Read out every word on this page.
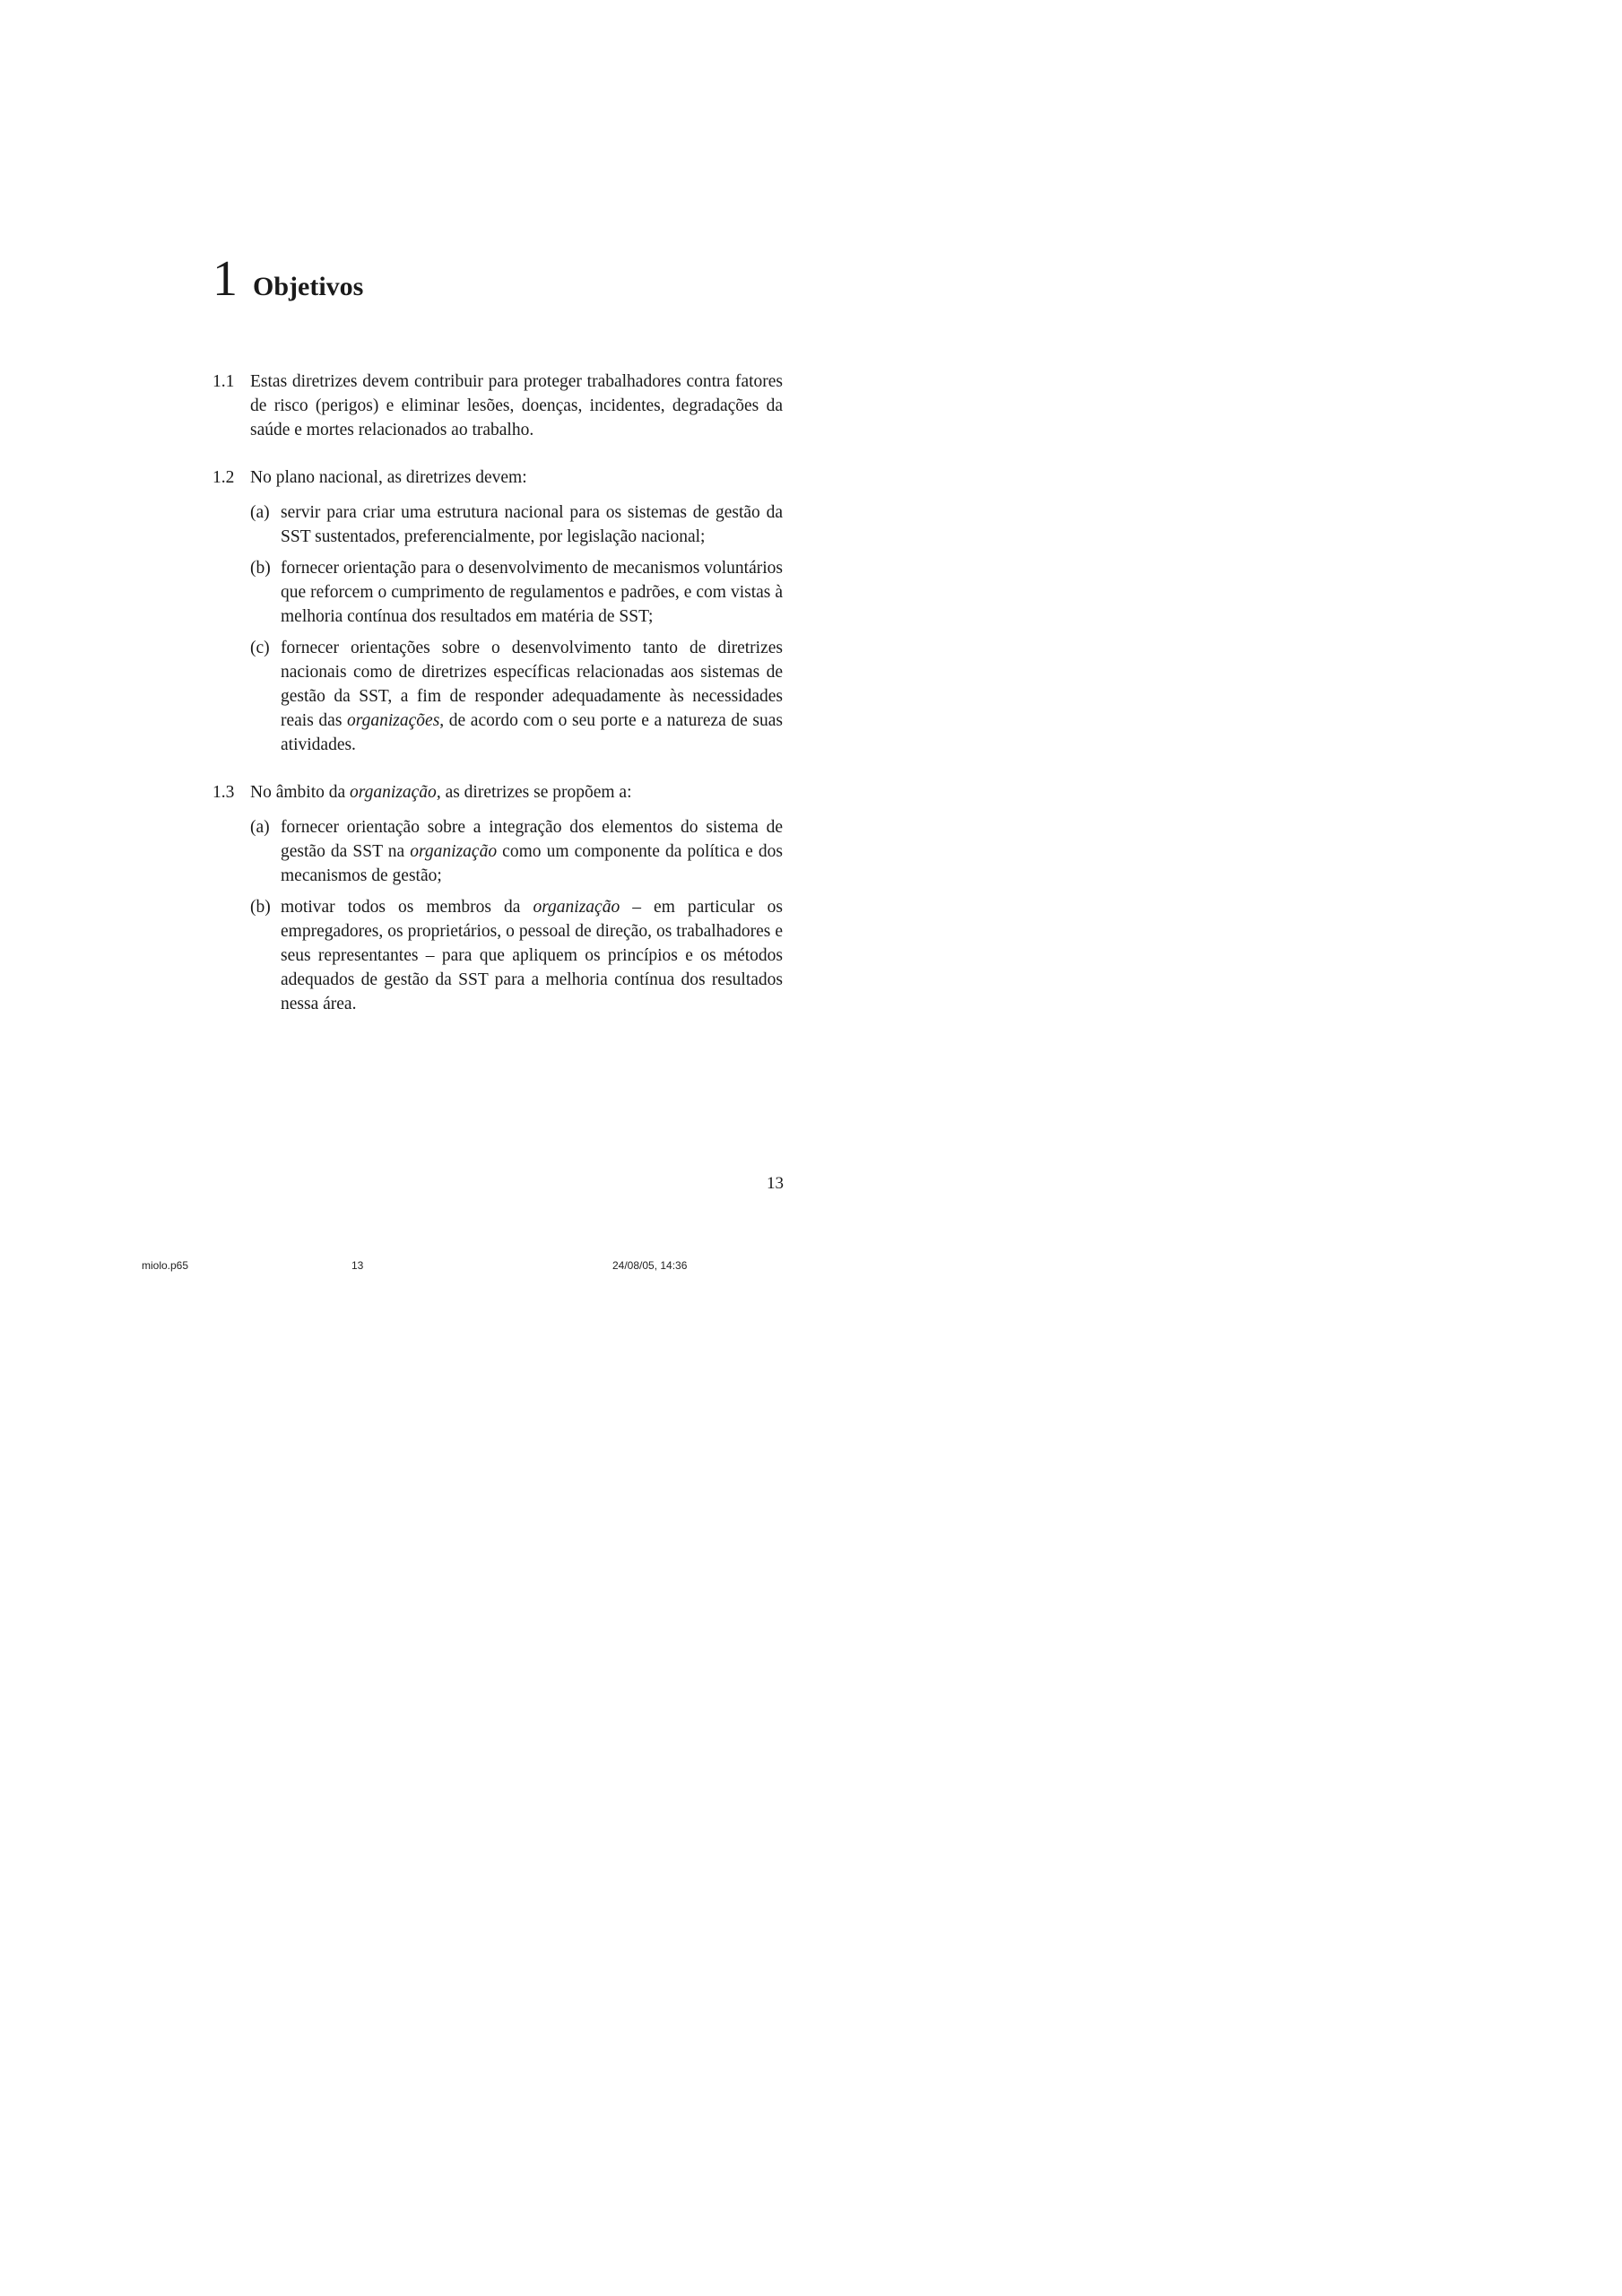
1 Objetivos
1.1 Estas diretrizes devem contribuir para proteger trabalhadores contra fatores de risco (perigos) e eliminar lesões, doenças, incidentes, degradações da saúde e mortes relacionados ao trabalho.
1.2 No plano nacional, as diretrizes devem:
(a) servir para criar uma estrutura nacional para os sistemas de gestão da SST sustentados, preferencialmente, por legislação nacional;
(b) fornecer orientação para o desenvolvimento de mecanismos voluntários que reforcem o cumprimento de regulamentos e padrões, e com vistas à melhoria contínua dos resultados em matéria de SST;
(c) fornecer orientações sobre o desenvolvimento tanto de diretrizes nacionais como de diretrizes específicas relacionadas aos sistemas de gestão da SST, a fim de responder adequadamente às necessidades reais das organizações, de acordo com o seu porte e a natureza de suas atividades.
1.3 No âmbito da organização, as diretrizes se propõem a:
(a) fornecer orientação sobre a integração dos elementos do sistema de gestão da SST na organização como um componente da política e dos mecanismos de gestão;
(b) motivar todos os membros da organização – em particular os empregadores, os proprietários, o pessoal de direção, os trabalhadores e seus representantes – para que apliquem os princípios e os métodos adequados de gestão da SST para a melhoria contínua dos resultados nessa área.
13
miolo.p65	13	24/08/05, 14:36
